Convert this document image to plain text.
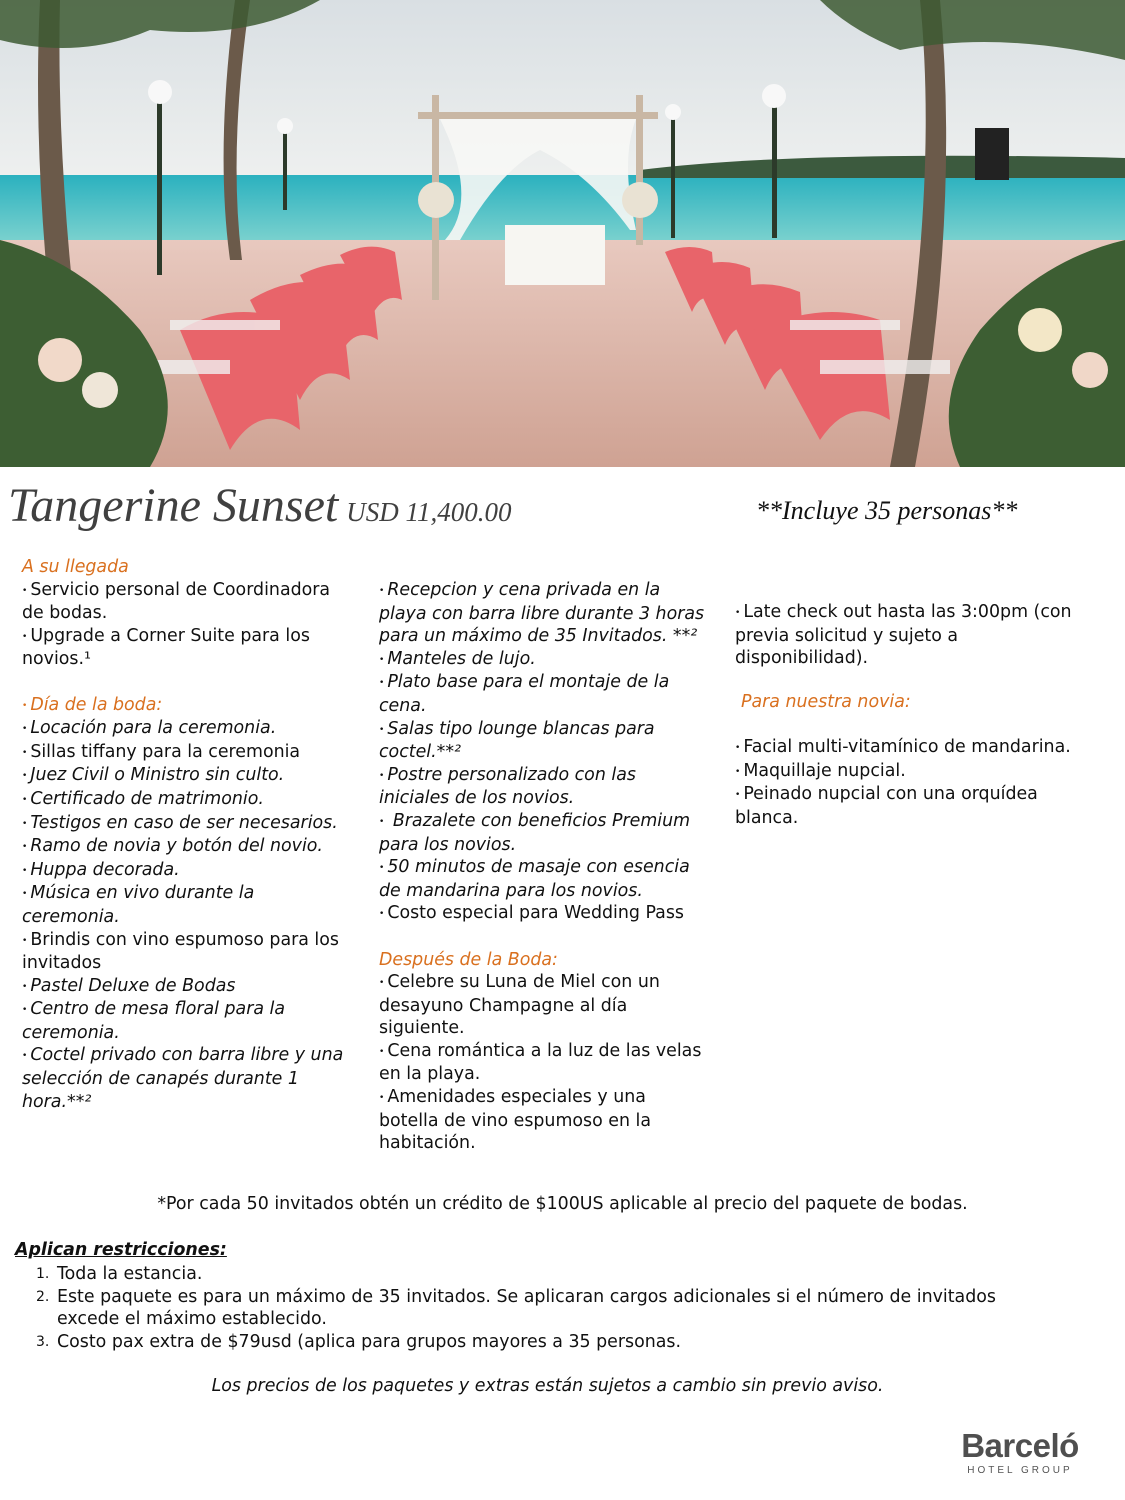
Tangerine Sunset USD 11,400.00	**Incluye 35 personas**
A su llegada
• Servicio personal de Coordinadora de bodas.
• Upgrade a Corner Suite para los novios.¹
• Día de la boda:
• Locación para la ceremonia.
• Sillas tiffany para la ceremonia
• Juez Civil o Ministro sin culto.
• Certificado de matrimonio.
• Testigos en caso de ser necesarios.
• Ramo de novia y botón del novio.
• Huppa decorada.
• Música en vivo durante la ceremonia.
• Brindis con vino espumoso para los invitados
• Pastel Deluxe de Bodas
• Centro de mesa floral para la ceremonia.
• Coctel privado con barra libre y una selección de canapés durante 1 hora.**²
• Recepcion y cena privada en la playa con barra libre durante 3 horas para un máximo de 35 Invitados. **²
• Manteles de lujo.
• Plato base para el montaje de la cena.
• Salas tipo lounge blancas para coctel.**²
• Postre personalizado con las iniciales de los novios.
• Brazalete con beneficios Premium para los novios.
• 50 minutos de masaje con esencia de mandarina para los novios.
• Costo especial para Wedding Pass
Después de la Boda:
• Celebre su Luna de Miel con un desayuno Champagne al día siguiente.
• Cena romántica a la luz de las velas en la playa.
• Amenidades especiales y una botella de vino espumoso en la habitación.
• Late check out hasta las 3:00pm (con previa solicitud y sujeto a disponibilidad).
Para nuestra novia:
• Facial multi-vitamínico de mandarina.
• Maquillaje nupcial.
• Peinado nupcial con una orquídea blanca.
*Por cada 50 invitados obtén un crédito de $100US aplicable al precio del paquete de bodas.
Aplican restricciones:
1. Toda la estancia.
2. Este paquete es para un máximo de 35 invitados. Se aplicaran cargos adicionales si el número de invitados excede el máximo establecido.
3. Costo pax extra de $79usd (aplica para grupos mayores a 35 personas.
Los precios de los paquetes y extras están sujetos a cambio sin previo aviso.
Barceló
HOTEL GROUP
